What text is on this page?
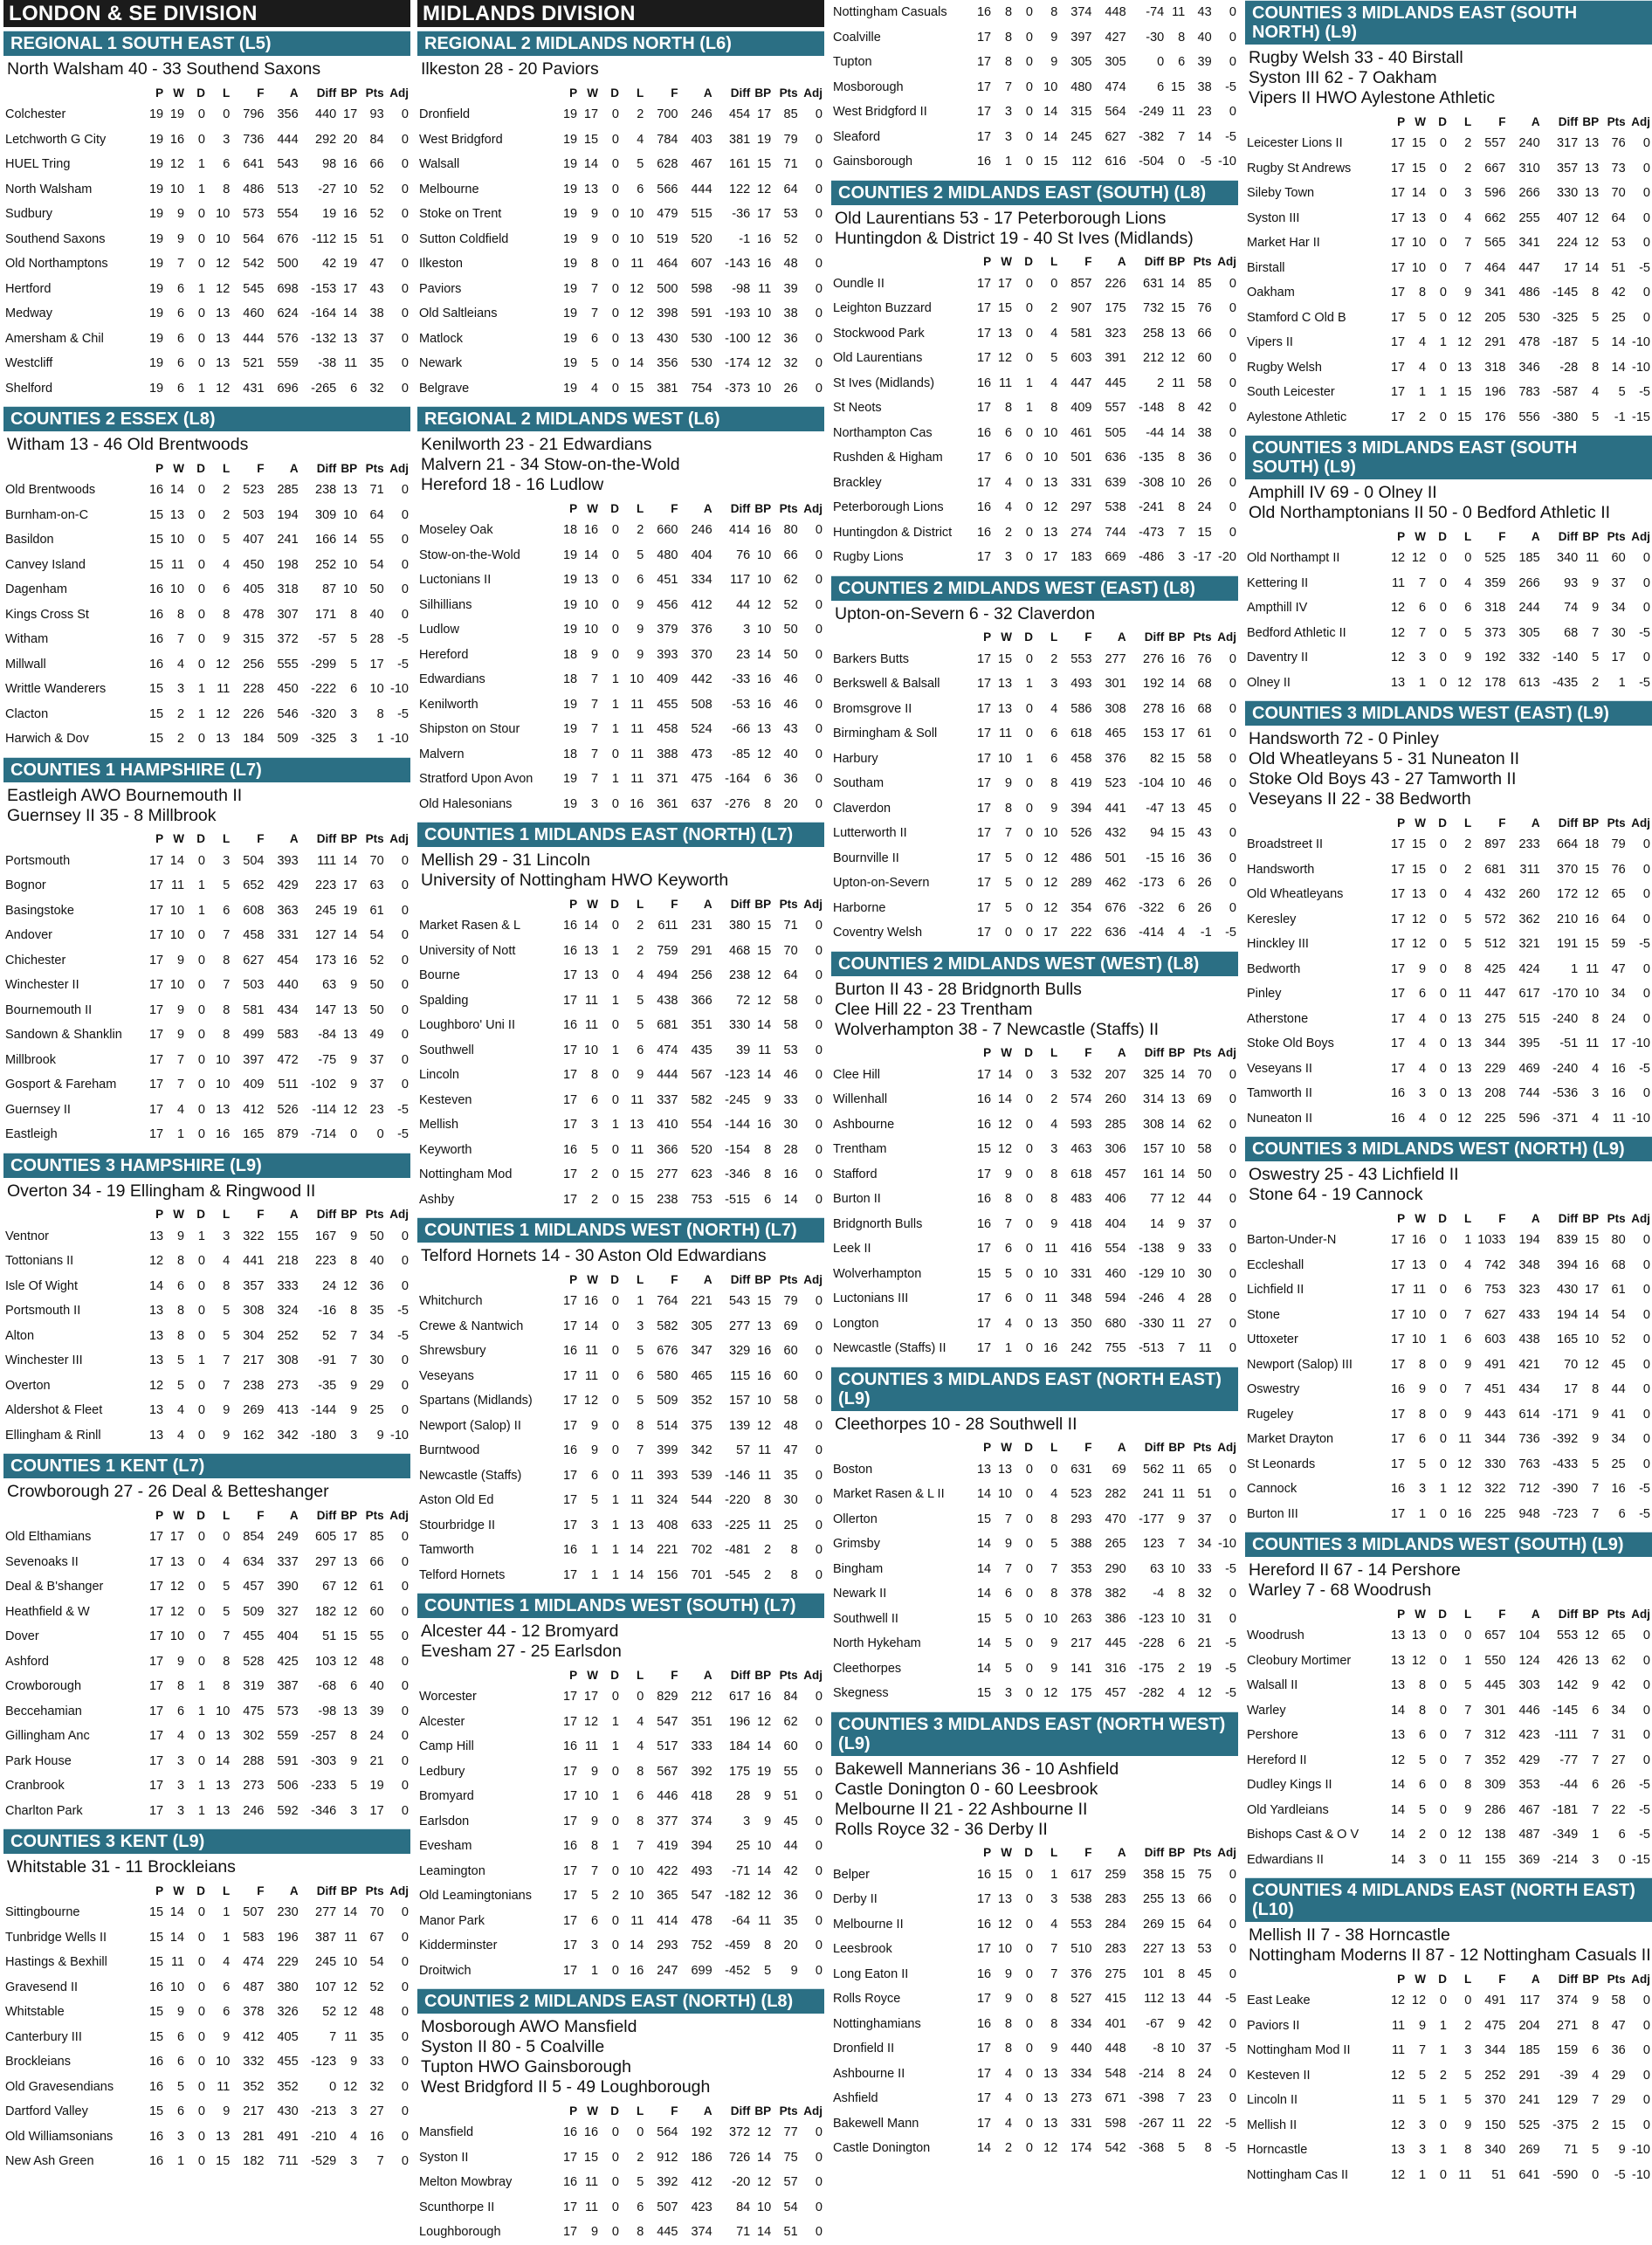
LONDON & SE DIVISION
REGIONAL 1 SOUTH EAST (L5)
North Walsham 40 - 33 Southend Saxons
	P	W	D	L	F	A	Diff	BP	Pts	Adj
Colchester	19	19	0	0	796	356	440	17	93	0
Letchworth G City	19	16	0	3	736	444	292	20	84	0
HUEL Tring	19	12	1	6	641	543	98	16	66	0
North Walsham	19	10	1	8	486	513	-27	10	52	0
Sudbury	19	9	0	10	573	554	19	16	52	0
Southend Saxons	19	9	0	10	564	676	-112	15	51	0
Old Northamptons	19	7	0	12	542	500	42	19	47	0
Hertford	19	6	1	12	545	698	-153	17	43	0
Medway	19	6	0	13	460	624	-164	14	38	0
Amersham & Chil	19	6	0	13	444	576	-132	13	37	0
Westcliff	19	6	0	13	521	559	-38	11	35	0
Shelford	19	6	1	12	431	696	-265	6	32	0
COUNTIES 2 ESSEX (L8)
Witham 13 - 46 Old Brentwoods
	P	W	D	L	F	A	Diff	BP	Pts	Adj
Old Brentwoods	16	14	0	2	523	285	238	13	71	0
Burnham-on-C	15	13	0	2	503	194	309	10	64	0
Basildon	15	10	0	5	407	241	166	14	55	0
Canvey Island	15	11	0	4	450	198	252	10	54	0
Dagenham	16	10	0	6	405	318	87	10	50	0
Kings Cross St	16	8	0	8	478	307	171	8	40	0
Witham	16	7	0	9	315	372	-57	5	28	-5
Millwall	16	4	0	12	256	555	-299	5	17	-5
Writtle Wanderers	15	3	1	11	228	450	-222	6	10	-10
Clacton	15	2	1	12	226	546	-320	3	8	-5
Harwich & Dov	15	2	0	13	184	509	-325	3	1	-10
COUNTIES 1 HAMPSHIRE (L7)
Eastleigh AWO Bournemouth II
Guernsey II 35 - 8 Millbrook
	P	W	D	L	F	A	Diff	BP	Pts	Adj
Portsmouth	17	14	0	3	504	393	111	14	70	0
Bognor	17	11	1	5	652	429	223	17	63	0
Basingstoke	17	10	1	6	608	363	245	19	61	0
Andover	17	10	0	7	458	331	127	14	54	0
Chichester	17	9	0	8	627	454	173	16	52	0
Winchester II	17	10	0	7	503	440	63	9	50	0
Bournemouth II	17	9	0	8	581	434	147	13	50	0
Sandown & Shanklin	17	9	0	8	499	583	-84	13	49	0
Millbrook	17	7	0	10	397	472	-75	9	37	0
Gosport & Fareham	17	7	0	10	409	511	-102	9	37	0
Guernsey II	17	4	0	13	412	526	-114	12	23	-5
Eastleigh	17	1	0	16	165	879	-714	0	0	-5
COUNTIES 3 HAMPSHIRE (L9)
Overton 34 - 19 Ellingham & Ringwood II
	P	W	D	L	F	A	Diff	BP	Pts	Adj
Ventnor	13	9	1	3	322	155	167	9	50	0
Tottonians II	12	8	0	4	441	218	223	8	40	0
Isle Of Wight	14	6	0	8	357	333	24	12	36	0
Portsmouth II	13	8	0	5	308	324	-16	8	35	-5
Alton	13	8	0	5	304	252	52	7	34	-5
Winchester III	13	5	1	7	217	308	-91	7	30	0
Overton	12	5	0	7	238	273	-35	9	29	0
Aldershot & Fleet	13	4	0	9	269	413	-144	9	25	0
Ellingham & Rinll	13	4	0	9	162	342	-180	3	9	-10
COUNTIES 1 KENT (L7)
Crowborough 27 - 26 Deal & Betteshanger
	P	W	D	L	F	A	Diff	BP	Pts	Adj
Old Elthamians	17	17	0	0	854	249	605	17	85	0
Sevenoaks II	17	13	0	4	634	337	297	13	66	0
Deal & B'shanger	17	12	0	5	457	390	67	12	61	0
Heathfield & W	17	12	0	5	509	327	182	12	60	0
Dover	17	10	0	7	455	404	51	15	55	0
Ashford	17	9	0	8	528	425	103	12	48	0
Crowborough	17	8	1	8	319	387	-68	6	40	0
Beccehamian	17	6	1	10	475	573	-98	13	39	0
Gillingham Anc	17	4	0	13	302	559	-257	8	24	0
Park House	17	3	0	14	288	591	-303	9	21	0
Cranbrook	17	3	1	13	273	506	-233	5	19	0
Charlton Park	17	3	1	13	246	592	-346	3	17	0
COUNTIES 3 KENT (L9)
Whitstable 31 - 11 Brockleians
	P	W	D	L	F	A	Diff	BP	Pts	Adj
Sittingbourne	15	14	0	1	507	230	277	14	70	0
Tunbridge Wells II	15	14	0	1	583	196	387	11	67	0
Hastings & Bexhill	15	11	0	4	474	229	245	10	54	0
Gravesend II	16	10	0	6	487	380	107	12	52	0
Whitstable	15	9	0	6	378	326	52	12	48	0
Canterbury III	15	6	0	9	412	405	7	11	35	0
Brockleians	16	6	0	10	332	455	-123	9	33	0
Old Gravesendians	16	5	0	11	352	352	0	12	32	0
Dartford Valley	15	6	0	9	217	430	-213	3	27	0
Old Williamsonians	16	3	0	13	281	491	-210	4	16	0
New Ash Green	16	1	0	15	182	711	-529	3	7	0
MIDLANDS DIVISION
REGIONAL 2 MIDLANDS NORTH (L6)
Ilkeston 28 - 20 Paviors
	P	W	D	L	F	A	Diff	BP	Pts	Adj
Dronfield	19	17	0	2	700	246	454	17	85	0
West Bridgford	19	15	0	4	784	403	381	19	79	0
Walsall	19	14	0	5	628	467	161	15	71	0
Melbourne	19	13	0	6	566	444	122	12	64	0
Stoke on Trent	19	9	0	10	479	515	-36	17	53	0
Sutton Coldfield	19	9	0	10	519	520	-1	16	52	0
Ilkeston	19	8	0	11	464	607	-143	16	48	0
Paviors	19	7	0	12	500	598	-98	11	39	0
Old Saltleians	19	7	0	12	398	591	-193	10	38	0
Matlock	19	6	0	13	430	530	-100	12	36	0
Newark	19	5	0	14	356	530	-174	12	32	0
Belgrave	19	4	0	15	381	754	-373	10	26	0
REGIONAL 2 MIDLANDS WEST (L6)
Kenilworth 23 - 21 Edwardians
Malvern 21 - 34 Stow-on-the-Wold
Hereford 18 - 16 Ludlow
	P	W	D	L	F	A	Diff	BP	Pts	Adj
Moseley Oak	18	16	0	2	660	246	414	16	80	0
Stow-on-the-Wold	19	14	0	5	480	404	76	10	66	0
Luctonians II	19	13	0	6	451	334	117	10	62	0
Silhillians	19	10	0	9	456	412	44	12	52	0
Ludlow	19	10	0	9	379	376	3	10	50	0
Hereford	18	9	0	9	393	370	23	14	50	0
Edwardians	18	7	1	10	409	442	-33	16	46	0
Kenilworth	19	7	1	11	455	508	-53	16	46	0
Shipston on Stour	19	7	1	11	458	524	-66	13	43	0
Malvern	18	7	0	11	388	473	-85	12	40	0
Stratford Upon Avon	19	7	1	11	371	475	-164	6	36	0
Old Halesonians	19	3	0	16	361	637	-276	8	20	0
COUNTIES 1 MIDLANDS EAST (NORTH) (L7)
Mellish 29 - 31 Lincoln
University of Nottingham HWO Keyworth
	P	W	D	L	F	A	Diff	BP	Pts	Adj
Market Rasen & L	16	14	0	2	611	231	380	15	71	0
University of Nott	16	13	1	2	759	291	468	15	70	0
Bourne	17	13	0	4	494	256	238	12	64	0
Spalding	17	11	1	5	438	366	72	12	58	0
Loughboro' Uni II	16	11	0	5	681	351	330	14	58	0
Southwell	17	10	1	6	474	435	39	11	53	0
Lincoln	17	8	0	9	444	567	-123	14	46	0
Kesteven	17	6	0	11	337	582	-245	9	33	0
Mellish	17	3	1	13	410	554	-144	16	30	0
Keyworth	16	5	0	11	366	520	-154	8	28	0
Nottingham Mod	17	2	0	15	277	623	-346	8	16	0
Ashby	17	2	0	15	238	753	-515	6	14	0
COUNTIES 1 MIDLANDS WEST (NORTH) (L7)
Telford Hornets 14 - 30 Aston Old Edwardians
	P	W	D	L	F	A	Diff	BP	Pts	Adj
Whitchurch	17	16	0	1	764	221	543	15	79	0
Crewe & Nantwich	17	14	0	3	582	305	277	13	69	0
Shrewsbury	16	11	0	5	676	347	329	16	60	0
Veseyans	17	11	0	6	580	465	115	16	60	0
Spartans (Midlands)	17	12	0	5	509	352	157	10	58	0
Newport (Salop) II	17	9	0	8	514	375	139	12	48	0
Burntwood	16	9	0	7	399	342	57	11	47	0
Newcastle (Staffs)	17	6	0	11	393	539	-146	11	35	0
Aston Old Ed	17	5	1	11	324	544	-220	8	30	0
Stourbridge II	17	3	1	13	408	633	-225	11	25	0
Tamworth	16	1	1	14	221	702	-481	2	8	0
Telford Hornets	17	1	1	14	156	701	-545	2	8	0
COUNTIES 1 MIDLANDS WEST (SOUTH) (L7)
Alcester 44 - 12 Bromyard
Evesham 27 - 25 Earlsdon
	P	W	D	L	F	A	Diff	BP	Pts	Adj
Worcester	17	17	0	0	829	212	617	16	84	0
Alcester	17	12	1	4	547	351	196	12	62	0
Camp Hill	16	11	1	4	517	333	184	14	60	0
Ledbury	17	9	0	8	567	392	175	19	55	0
Bromyard	17	10	1	6	446	418	28	9	51	0
Earlsdon	17	9	0	8	377	374	3	9	45	0
Evesham	16	8	1	7	419	394	25	10	44	0
Leamington	17	7	0	10	422	493	-71	14	42	0
Old Leamingtonians	17	5	2	10	365	547	-182	12	36	0
Manor Park	17	6	0	11	414	478	-64	11	35	0
Kidderminster	17	3	0	14	293	752	-459	8	20	0
Droitwich	17	1	0	16	247	699	-452	5	9	0
COUNTIES 2 MIDLANDS EAST (NORTH) (L8)
Mosborough AWO Mansfield
Syston II 80 - 5 Coalville
Tupton HWO Gainsborough
West Bridgford II 5 - 49 Loughborough
	P	W	D	L	F	A	Diff	BP	Pts	Adj
Mansfield	16	16	0	0	564	192	372	12	77	0
Syston II	17	15	0	2	912	186	726	14	75	0
Melton Mowbray	16	11	0	5	392	412	-20	12	57	0
Scunthorpe II	17	11	0	6	507	423	84	10	54	0
Loughborough	17	9	0	8	445	374	71	14	51	0
Nottingham Casuals	16	8	0	8	374	448	-74	11	43	0
Coalville	17	8	0	9	397	427	-30	8	40	0
Tupton	17	8	0	9	305	305	0	6	39	0
Mosborough	17	7	0	10	480	474	6	15	38	-5
West Bridgford II	17	3	0	14	315	564	-249	11	23	0
Sleaford	17	3	0	14	245	627	-382	7	14	-5
Gainsborough	16	1	0	15	112	616	-504	0	-5	-10
COUNTIES 2 MIDLANDS EAST (SOUTH) (L8)
Old Laurentians 53 - 17 Peterborough Lions
Huntingdon & District 19 - 40 St Ives (Midlands)
	P	W	D	L	F	A	Diff	BP	Pts	Adj
Oundle II	17	17	0	0	857	226	631	14	85	0
Leighton Buzzard	17	15	0	2	907	175	732	15	76	0
Stockwood Park	17	13	0	4	581	323	258	13	66	0
Old Laurentians	17	12	0	5	603	391	212	12	60	0
St Ives (Midlands)	16	11	1	4	447	445	2	11	58	0
St Neots	17	8	1	8	409	557	-148	8	42	0
Northampton Cas	16	6	0	10	461	505	-44	14	38	0
Rushden & Higham	17	6	0	10	501	636	-135	8	36	0
Brackley	17	4	0	13	331	639	-308	10	26	0
Peterborough Lions	16	4	0	12	297	538	-241	8	24	0
Huntingdon & District	16	2	0	13	274	744	-473	7	15	0
Rugby Lions	17	3	0	17	183	669	-486	3	-17	-20
COUNTIES 2 MIDLANDS WEST (EAST) (L8)
Upton-on-Severn 6 - 32 Claverdon
	P	W	D	L	F	A	Diff	BP	Pts	Adj
Barkers Butts	17	15	0	2	553	277	276	16	76	0
Berkswell & Balsall	17	13	1	3	493	301	192	14	68	0
Bromsgrove II	17	13	0	4	586	308	278	16	68	0
Birmingham & Soll	17	11	0	6	618	465	153	17	61	0
Harbury	17	10	1	6	458	376	82	15	58	0
Southam	17	9	0	8	419	523	-104	10	46	0
Claverdon	17	8	0	9	394	441	-47	13	45	0
Lutterworth II	17	7	0	10	526	432	94	15	43	0
Bournville II	17	5	0	12	486	501	-15	16	36	0
Upton-on-Severn	17	5	0	12	289	462	-173	6	26	0
Harborne	17	5	0	12	354	676	-322	6	26	0
Coventry Welsh	17	0	0	17	222	636	-414	4	-1	-5
COUNTIES 2 MIDLANDS WEST (WEST) (L8)
Burton II 43 - 28 Bridgnorth Bulls
Clee Hill 22 - 23 Trentham
Wolverhampton 38 - 7 Newcastle (Staffs) II
	P	W	D	L	F	A	Diff	BP	Pts	Adj
Clee Hill	17	14	0	3	532	207	325	14	70	0
Willenhall	16	14	0	2	574	260	314	13	69	0
Ashbourne	16	12	0	4	593	285	308	14	62	0
Trentham	15	12	0	3	463	306	157	10	58	0
Stafford	17	9	0	8	618	457	161	14	50	0
Burton II	16	8	0	8	483	406	77	12	44	0
Bridgnorth Bulls	16	7	0	9	418	404	14	9	37	0
Leek II	17	6	0	11	416	554	-138	9	33	0
Wolverhampton	15	5	0	10	331	460	-129	10	30	0
Luctonians III	17	6	0	11	348	594	-246	4	28	0
Longton	17	4	0	13	350	680	-330	11	27	0
Newcastle (Staffs) II	17	1	0	16	242	755	-513	7	11	0
COUNTIES 3 MIDLANDS EAST (NORTH EAST) (L9)
Cleethorpes 10 - 28 Southwell II
	P	W	D	L	F	A	Diff	BP	Pts	Adj
Boston	13	13	0	0	631	69	562	11	65	0
Market Rasen & L II	14	10	0	4	523	282	241	11	51	0
Ollerton	15	7	0	8	293	470	-177	9	37	0
Grimsby	14	9	0	5	388	265	123	7	34	-10
Bingham	14	7	0	7	353	290	63	10	33	-5
Newark II	14	6	0	8	378	382	-4	8	32	0
Southwell II	15	5	0	10	263	386	-123	10	31	0
North Hykeham	14	5	0	9	217	445	-228	6	21	-5
Cleethorpes	14	5	0	9	141	316	-175	2	19	-5
Skegness	15	3	0	12	175	457	-282	4	12	-5
COUNTIES 3 MIDLANDS EAST (NORTH WEST) (L9)
Bakewell Mannerians 36 - 10 Ashfield
Castle Donington 0 - 60 Leesbrook
Melbourne II 21 - 22 Ashbourne II
Rolls Royce 32 - 36 Derby II
	P	W	D	L	F	A	Diff	BP	Pts	Adj
Belper	16	15	0	1	617	259	358	15	75	0
Derby II	17	13	0	3	538	283	255	13	66	0
Melbourne II	16	12	0	4	553	284	269	15	64	0
Leesbrook	17	10	0	7	510	283	227	13	53	0
Long Eaton II	16	9	0	7	376	275	101	8	45	0
Rolls Royce	17	9	0	8	527	415	112	13	44	-5
Nottinghamians	16	8	0	8	334	401	-67	9	42	0
Dronfield II	17	8	0	9	440	448	-8	10	37	-5
Ashbourne II	17	4	0	13	334	548	-214	8	24	0
Ashfield	17	4	0	13	273	671	-398	7	23	0
Bakewell Mann	17	4	0	13	331	598	-267	11	22	-5
Castle Donington	14	2	0	12	174	542	-368	5	8	-5
COUNTIES 3 MIDLANDS EAST (SOUTH NORTH) (L9)
Rugby Welsh 33 - 40 Birstall
Syston III 62 - 7 Oakham
Vipers II HWO Aylestone Athletic
	P	W	D	L	F	A	Diff	BP	Pts	Adj
Leicester Lions II	17	15	0	2	557	240	317	13	76	0
Rugby St Andrews	17	15	0	2	667	310	357	13	73	0
Sileby Town	17	14	0	3	596	266	330	13	70	0
Syston III	17	13	0	4	662	255	407	12	64	0
Market Har II	17	10	0	7	565	341	224	12	53	0
Birstall	17	10	0	7	464	447	17	14	51	-5
Oakham	17	8	0	9	341	486	-145	8	42	0
Stamford C Old B	17	5	0	12	205	530	-325	5	25	0
Vipers II	17	4	1	12	291	478	-187	5	14	-10
Rugby Welsh	17	4	0	13	318	346	-28	8	14	-10
South Leicester	17	1	1	15	196	783	-587	4	5	-5
Aylestone Athletic	17	2	0	15	176	556	-380	5	-1	-15
COUNTIES 3 MIDLANDS EAST (SOUTH SOUTH) (L9)
Amphill IV 69 - 0 Olney II
Old Northamptonians II 50 - 0 Bedford Athletic II
	P	W	D	L	F	A	Diff	BP	Pts	Adj
Old Northampt II	12	12	0	0	525	185	340	11	60	0
Kettering II	11	7	0	4	359	266	93	9	37	0
Ampthill IV	12	6	0	6	318	244	74	9	34	0
Bedford Athletic II	12	7	0	5	373	305	68	7	30	-5
Daventry II	12	3	0	9	192	332	-140	5	17	0
Olney II	13	1	0	12	178	613	-435	2	1	-5
COUNTIES 3 MIDLANDS WEST (EAST) (L9)
Handsworth 72 - 0 Pinley
Old Wheatleyans 5 - 31 Nuneaton II
Stoke Old Boys 43 - 27 Tamworth II
Veseyans II 22 - 38 Bedworth
	P	W	D	L	F	A	Diff	BP	Pts	Adj
Broadstreet II	17	15	0	2	897	233	664	18	79	0
Handsworth	17	15	0	2	681	311	370	15	76	0
Old Wheatleyans	17	13	0	4	432	260	172	12	65	0
Keresley	17	12	0	5	572	362	210	16	64	0
Hinckley III	17	12	0	5	512	321	191	15	59	-5
Bedworth	17	9	0	8	425	424	1	11	47	0
Pinley	17	6	0	11	447	617	-170	10	34	0
Atherstone	17	4	0	13	275	515	-240	8	24	0
Stoke Old Boys	17	4	0	13	344	395	-51	11	17	-10
Veseyans II	17	4	0	13	229	469	-240	4	16	-5
Tamworth II	16	3	0	13	208	744	-536	3	16	0
Nuneaton II	16	4	0	12	225	596	-371	4	11	-10
COUNTIES 3 MIDLANDS WEST (NORTH) (L9)
Oswestry 25 - 43 Lichfield II
Stone 64 - 19 Cannock
	P	W	D	L	F	A	Diff	BP	Pts	Adj
Barton-Under-N	17	16	0	1	1033	194	839	15	80	0
Eccleshall	17	13	0	4	742	348	394	16	68	0
Lichfield II	17	11	0	6	753	323	430	17	61	0
Stone	17	10	0	7	627	433	194	14	54	0
Uttoxeter	17	10	1	6	603	438	165	10	52	0
Newport (Salop) III	17	8	0	9	491	421	70	12	45	0
Oswestry	16	9	0	7	451	434	17	8	44	0
Rugeley	17	8	0	9	443	614	-171	9	41	0
Market Drayton	17	6	0	11	344	736	-392	9	34	0
St Leonards	17	5	0	12	330	763	-433	5	25	0
Cannock	16	3	1	12	322	712	-390	7	16	-5
Burton III	17	1	0	16	225	948	-723	7	6	-5
COUNTIES 3 MIDLANDS WEST (SOUTH) (L9)
Hereford II 67 - 14 Pershore
Warley 7 - 68 Woodrush
	P	W	D	L	F	A	Diff	BP	Pts	Adj
Woodrush	13	13	0	0	657	104	553	12	65	0
Cleobury Mortimer	13	12	0	1	550	124	426	13	62	0
Walsall II	13	8	0	5	445	303	142	9	42	0
Warley	14	8	0	7	301	446	-145	6	34	0
Pershore	13	6	0	7	312	423	-111	7	31	0
Hereford II	12	5	0	7	352	429	-77	7	27	0
Dudley Kings II	14	6	0	8	309	353	-44	6	26	-5
Old Yardleians	14	5	0	9	286	467	-181	7	22	-5
Bishops Cast & O V	14	2	0	12	138	487	-349	1	6	-5
Edwardians II	14	3	0	11	155	369	-214	3	0	-15
COUNTIES 4 MIDLANDS EAST (NORTH EAST) (L10)
Mellish II 7 - 38 Horncastle
Nottingham Moderns II 87 - 12 Nottingham Casuals II
	P	W	D	L	F	A	Diff	BP	Pts	Adj
East Leake	12	12	0	0	491	117	374	9	58	0
Paviors II	11	9	1	2	475	204	271	8	47	0
Nottingham Mod II	11	7	1	3	344	185	159	6	36	0
Kesteven II	12	5	2	5	252	291	-39	4	29	0
Lincoln II	11	5	1	5	370	241	129	7	29	0
Mellish II	12	3	0	9	150	525	-375	2	15	0
Horncastle	13	3	1	8	340	269	71	5	9	-10
Nottingham Cas II	12	1	0	11	51	641	-590	0	-5	-10
